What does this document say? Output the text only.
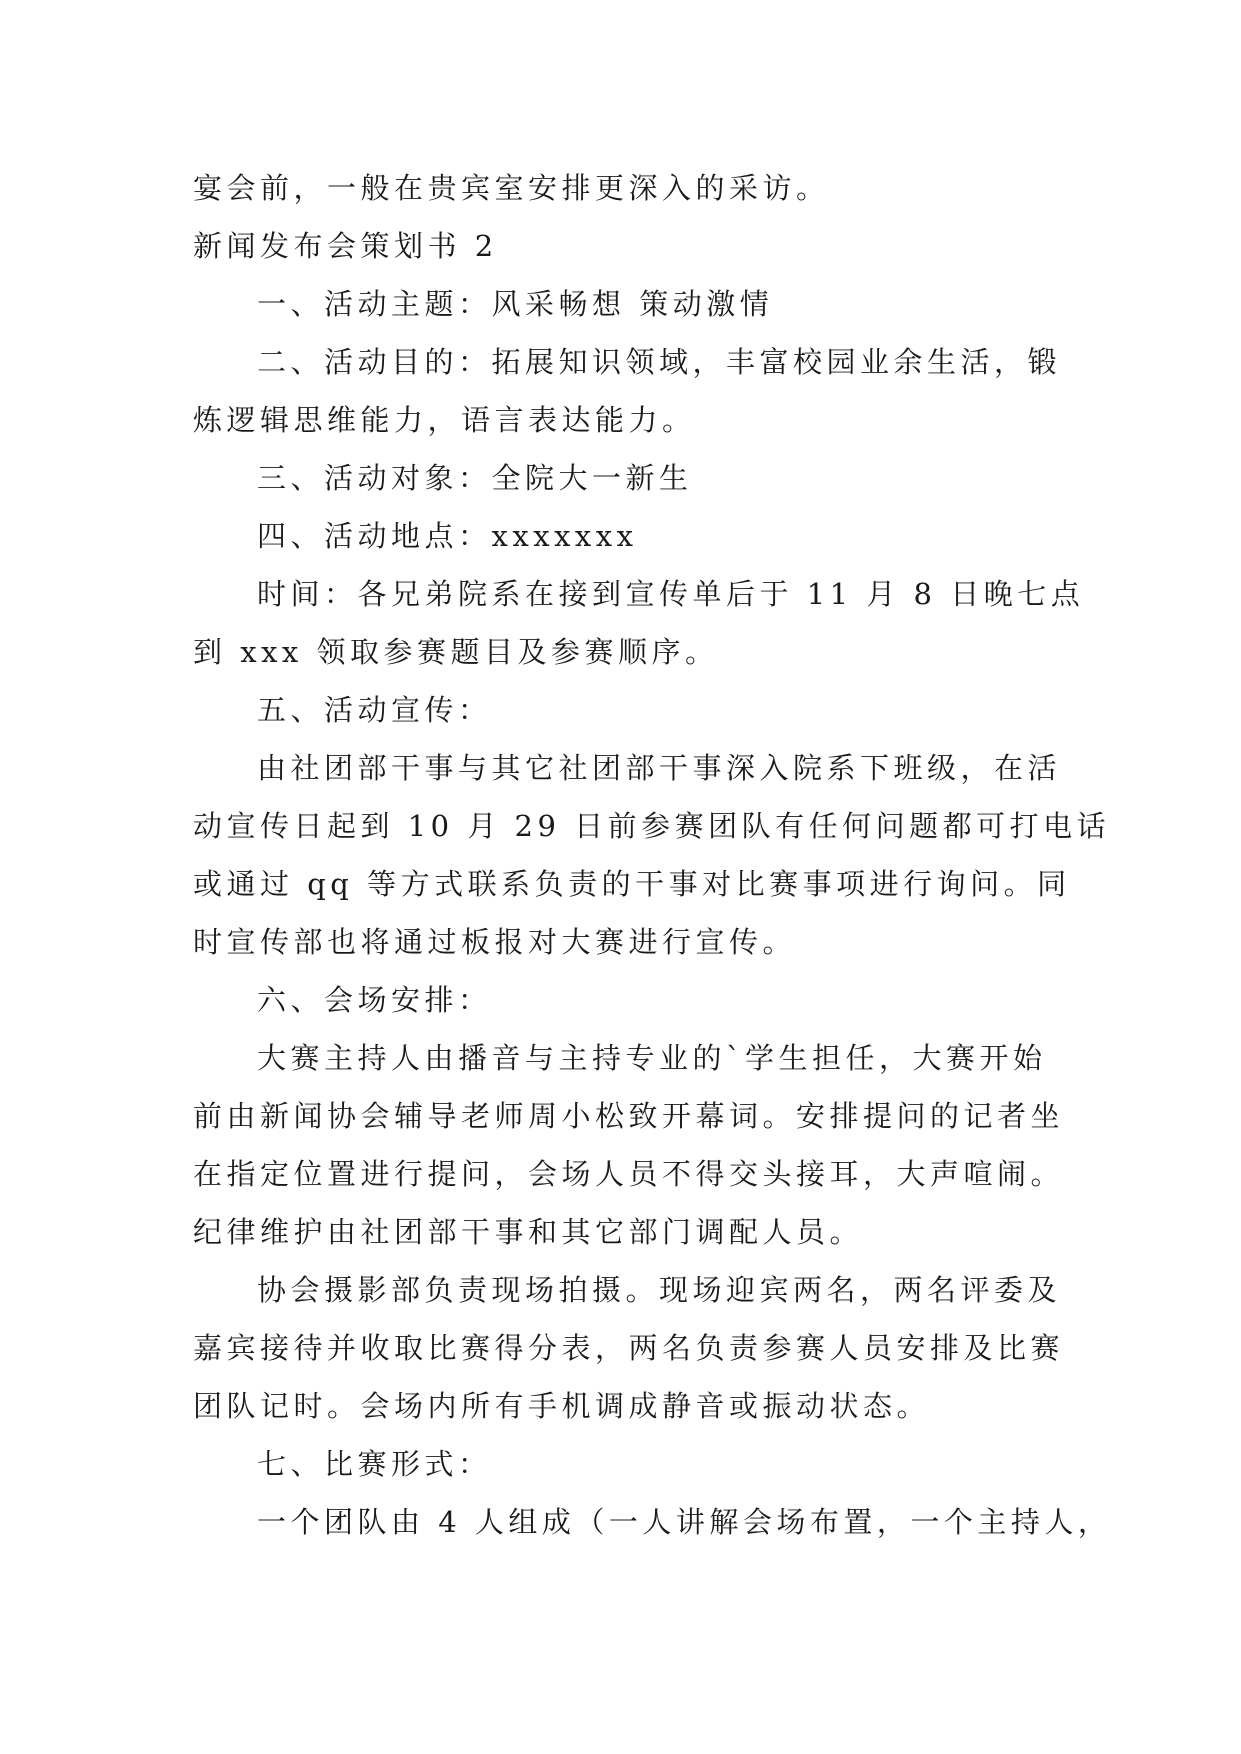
宴会前，一般在贵宾室安排更深入的采访。
新闻发布会策划书 2
一、活动主题：风采畅想 策动激情
二、活动目的：拓展知识领域，丰富校园业余生活，锻
炼逻辑思维能力，语言表达能力。
三、活动对象：全院大一新生
四、活动地点：xxxxxxx
时间：各兄弟院系在接到宣传单后于 11 月 8 日晚七点
到 xxx 领取参赛题目及参赛顺序。
五、活动宣传：
由社团部干事与其它社团部干事深入院系下班级，在活
动宣传日起到 10 月 29 日前参赛团队有任何问题都可打电话
或通过 qq 等方式联系负责的干事对比赛事项进行询问。同
时宣传部也将通过板报对大赛进行宣传。
六、会场安排：
大赛主持人由播音与主持专业的`学生担任，大赛开始
前由新闻协会辅导老师周小松致开幕词。安排提问的记者坐
在指定位置进行提问，会场人员不得交头接耳，大声喧闹。
纪律维护由社团部干事和其它部门调配人员。
协会摄影部负责现场拍摄。现场迎宾两名，两名评委及
嘉宾接待并收取比赛得分表，两名负责参赛人员安排及比赛
团队记时。会场内所有手机调成静音或振动状态。
七、比赛形式：
一个团队由 4 人组成（一人讲解会场布置，一个主持人，
